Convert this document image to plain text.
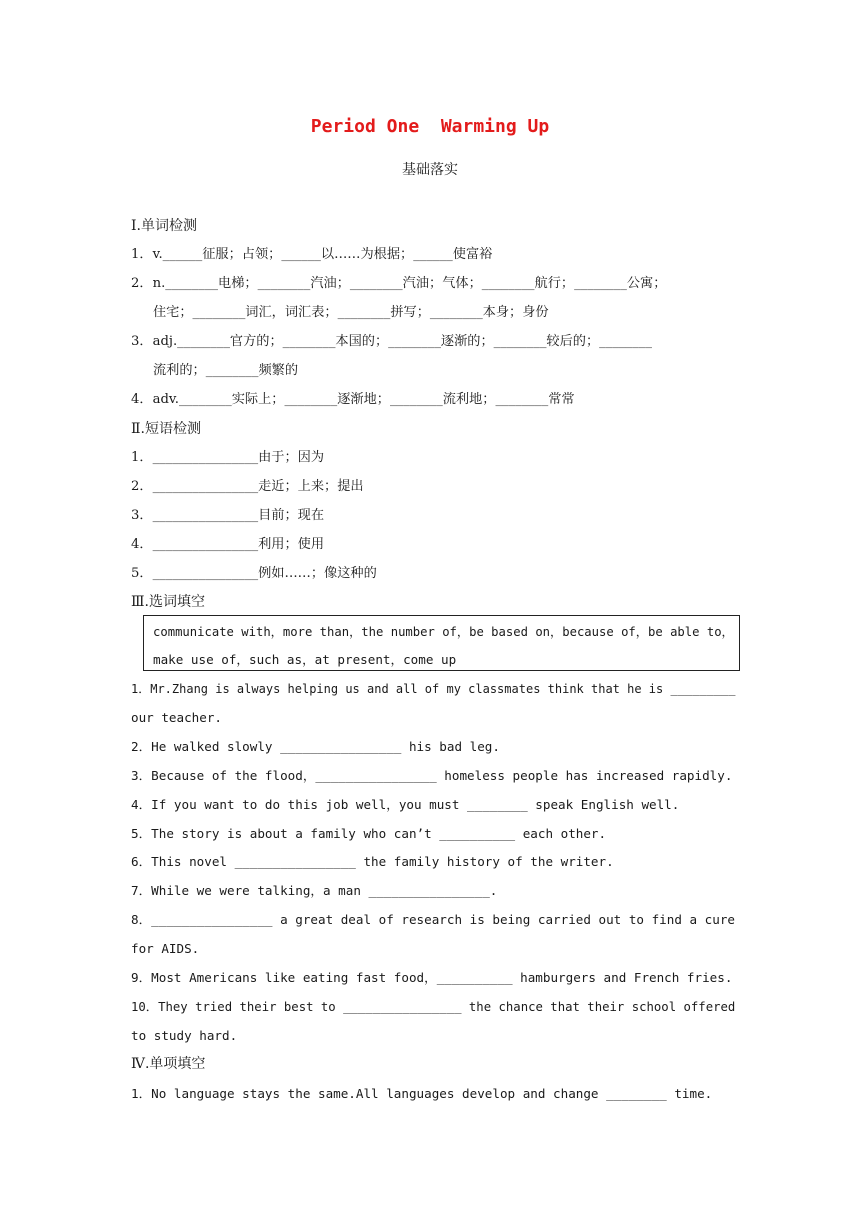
Period One  Warming Up
基础落实
Ⅰ.单词检测
1．v.______征服；占领；______以……为根据；______使富裕
2．n.________电梯；________汽油；________汽油；气体；________航行；________公寓；
住宅；________词汇，词汇表；________拼写；________本身；身份
3．adj.________官方的；________本国的；________逐渐的；________较后的；________
流利的；________频繁的
4．adv.________实际上；________逐渐地；________流利地；________常常
Ⅱ.短语检测
1．________________由于；因为
2．________________走近；上来；提出
3．________________目前；现在
4．________________利用；使用
5．________________例如……；像这种的
Ⅲ.选词填空
communicate with，more than，the number of，be based on，because of，be able to，
make use of，such as，at present，come up
1．Mr.Zhang is always helping us and all of my classmates think that he is _________
our teacher.
2．He walked slowly ________________ his bad leg.
3．Because of the flood，________________ homeless people has increased rapidly.
4．If you want to do this job well，you must ________ speak English well.
5．The story is about a family who can’t __________ each other.
6．This novel ________________ the family history of the writer.
7．While we were talking，a man ________________.
8．________________ a great deal of research is being carried out to find a cure
for AIDS.
9．Most Americans like eating fast food，__________ hamburgers and French fries.
10．They tried their best to ________________ the chance that their school offered
to study hard.
Ⅳ.单项填空
1．No language stays the same.All languages develop and change ________ time.
